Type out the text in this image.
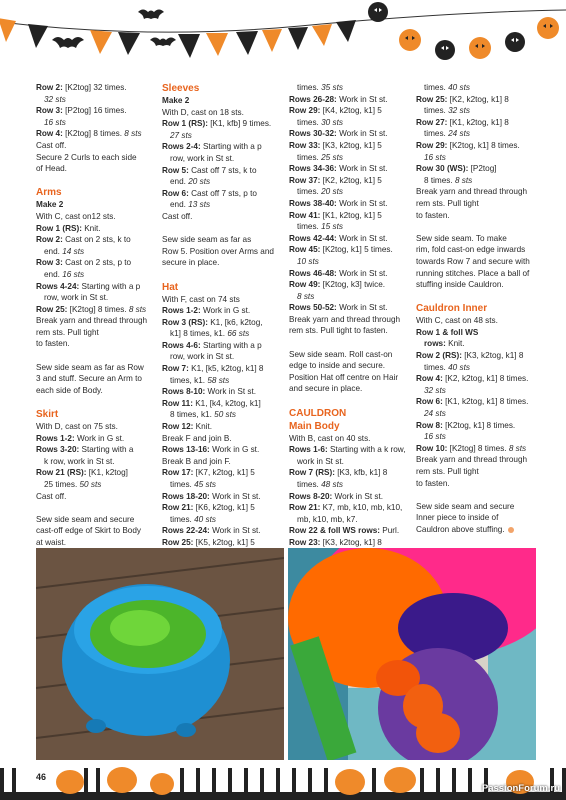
Row 2: [K2tog] 32 times.

32 sts

Row 3: [P2tog] 16 times.

16 sts

Row 4: [K2tog] 8 times. 8 sts

Cast off.

Secure 2 Curls to each side

of Head.

Arms

Make 2

With C, cast on12 sts.

Row 1 (RS): Knit.

Row 2: Cast on 2 sts, k to

end. 14 sts

Row 3: Cast on 2 sts, p to

end. 16 sts

Rows 4-24: Starting with a p

row, work in St st.

Row 25: [K2tog] 8 times. 8 sts

Break yarn and thread through

rem sts. Pull tight

to fasten.

Sew side seam as far as Row

3 and stuff. Secure an Arm to

each side of Body.

Skirt

With D, cast on 75 sts.

Rows 1-2: Work in G st.

Rows 3-20: Starting with a

k row, work in St st.

Row 21 (RS): [K1, k2tog]

25 times. 50 sts

Cast off.

Sew side seam and secure

cast-off edge of Skirt to Body

at waist.

Sleeves

Make 2

With D, cast on 18 sts.

Row 1 (RS): [K1, kfb] 9 times.

27 sts

Rows 2-4: Starting with a p

row, work in St st.

Row 5: Cast off 7 sts, k to

end. 20 sts

Row 6: Cast off 7 sts, p to

end. 13 sts

Cast off.

Sew side seam as far as

Row 5. Position over Arms and

secure in place.

Hat

With F, cast on 74 sts

Rows 1-2: Work in G st.

Row 3 (RS): K1, [k6, k2tog,

k1] 8 times, k1. 66 sts

Rows 4-6: Starting with a p

row, work in St st.

Row 7: K1, [k5, k2tog, k1] 8

times, k1. 58 sts

Rows 8-10: Work in St st.

Row 11: K1, [k4, k2tog, k1]

8 times, k1. 50 sts

Row 12: Knit.

Break F and join B.

Rows 13-16: Work in G st.

Break B and join F.

Row 17: [K7, k2tog, k1] 5

times. 45 sts

Rows 18-20: Work in St st.

Row 21: [K6, k2tog, k1] 5

times. 40 sts

Rows 22-24: Work in St st.

Row 25: [K5, k2tog, k1] 5

times. 35 sts

Rows 26-28: Work in St st.

Row 29: [K4, k2tog, k1] 5

times. 30 sts

Rows 30-32: Work in St st.

Row 33: [K3, k2tog, k1] 5

times. 25 sts

Rows 34-36: Work in St st.

Row 37: [K2, k2tog, k1] 5

times. 20 sts

Rows 38-40: Work in St st.

Row 41: [K1, k2tog, k1] 5

times. 15 sts

Rows 42-44: Work in St st.

Row 45: [K2tog, k1] 5 times.

10 sts

Rows 46-48: Work in St st.

Row 49: [K2tog, k3] twice.

8 sts

Rows 50-52: Work in St st.

Break yarn and thread through

rem sts. Pull tight to fasten.

Sew side seam. Roll cast-on

edge to inside and secure.

Position Hat off centre on Hair

and secure in place.

CAULDRON

Main Body

With B, cast on 40 sts.

Rows 1-6: Starting with a k row,

work in St st.

Row 7 (RS): [K3, kfb, k1] 8

times. 48 sts

Rows 8-20: Work in St st.

Row 21: K7, mb, k10, mb, k10,

mb, k10, mb, k7.

Row 22 & foll WS rows: Purl.

Row 23: [K3, k2tog, k1] 8

times. 40 sts

Row 25: [K2, k2tog, k1] 8

times. 32 sts

Row 27: [K1, k2tog, k1] 8

times. 24 sts

Row 29: [K2tog, k1] 8 times.

16 sts

Row 30 (WS): [P2tog]

8 times. 8 sts

Break yarn and thread through

rem sts. Pull tight

to fasten.

Sew side seam. To make

rim, fold cast-on edge inwards

towards Row 7 and secure with

running stitches. Place a ball of

stuffing inside Cauldron.

Cauldron Inner

With C, cast on 48 sts.

Row 1 & foll WS

rows: Knit.

Row 2 (RS): [K3, k2tog, k1] 8

times. 40 sts

Row 4: [K2, k2tog, k1] 8 times.

32 sts

Row 6: [K1, k2tog, k1] 8 times.

24 sts

Row 8: [K2tog, k1] 8 times.

16 sts

Row 10: [K2tog] 8 times. 8 sts

Break yarn and thread through

rem sts. Pull tight

to fasten.

Sew side seam and secure

Inner piece to inside of

Cauldron above stuffing.

46
PassionForum.ru
